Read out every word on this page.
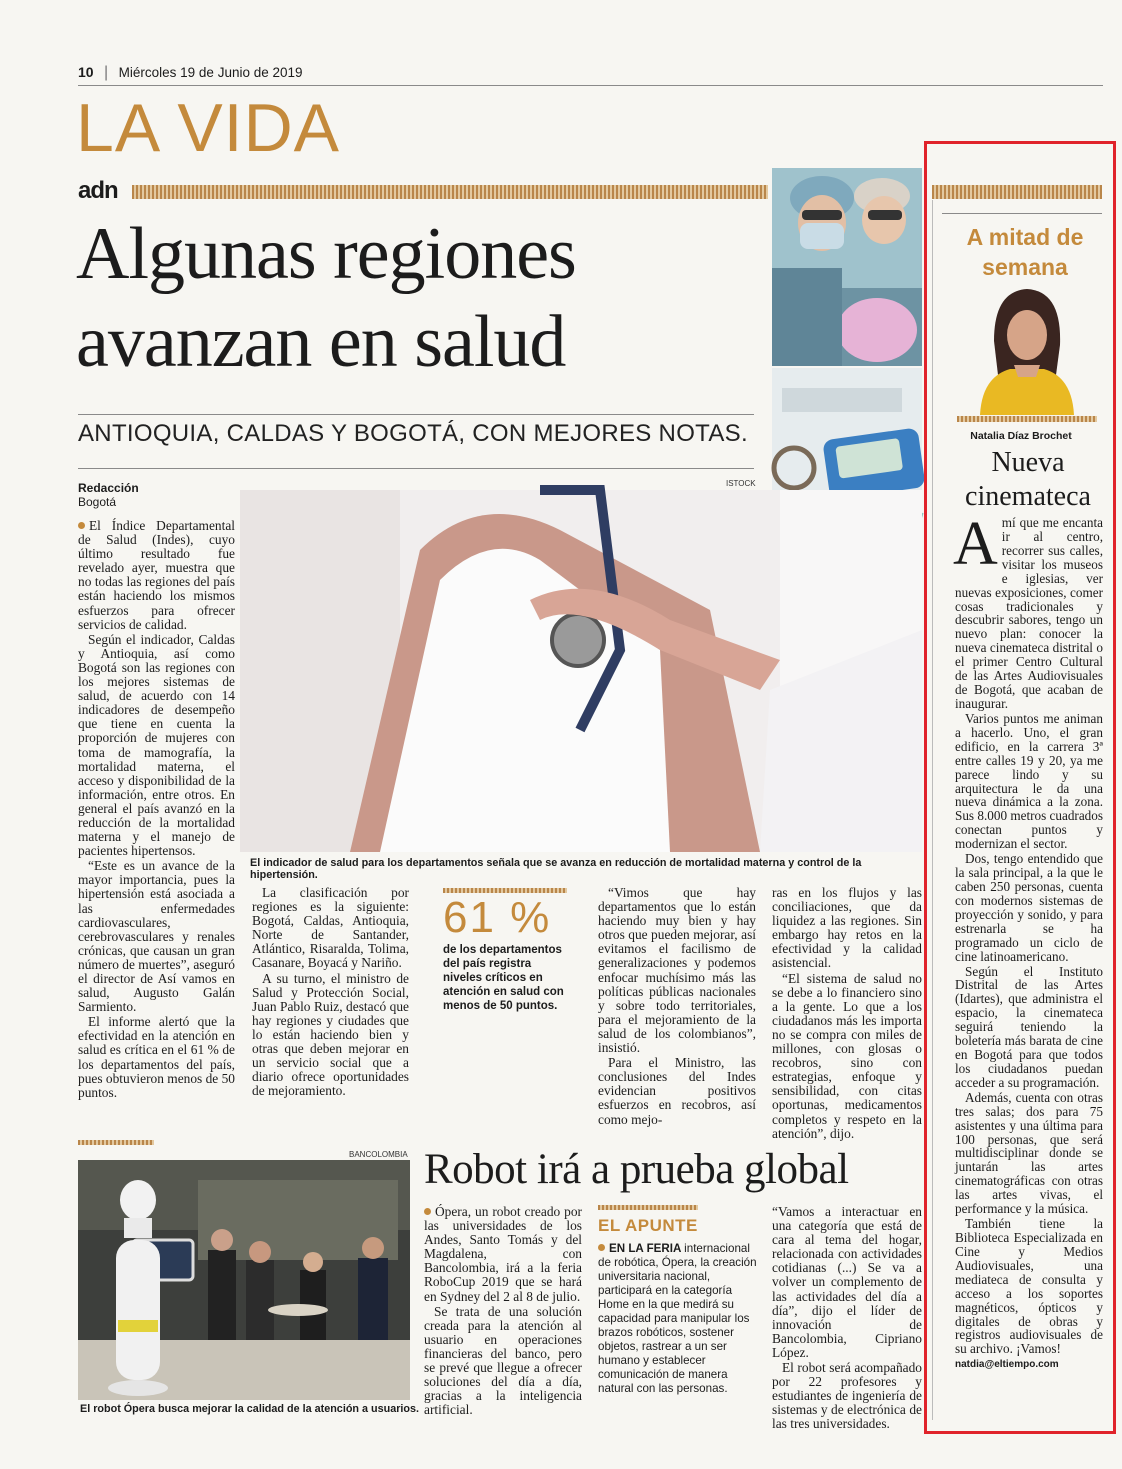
10 | Miércoles 19 de Junio de 2019
LA VIDA
adn
Algunas regiones
avanzan en salud
ANTIOQUIA, CALDAS Y BOGOTÁ, CON MEJORES NOTAS.
Redacción
Bogotá
ISTOCK
El indicador de salud para los departamentos señala que se avanza en reducción de mortalidad materna y control de la hipertensión.

El Índice Departamental de Salud (Indes), cuyo último resultado fue revelado ayer, muestra que no todas las regiones del país están haciendo los mismos esfuerzos para ofrecer servicios de calidad.

Según el indicador, Caldas y Antioquia, así como Bogotá son las regiones con los mejores sistemas de salud, de acuerdo con 14 indicadores de desempeño que tiene en cuenta la proporción de mujeres con toma de mamografía, la mortalidad materna, el acceso y disponibilidad de la información, entre otros. En general el país avanzó en la reducción de la mortalidad materna y el manejo de pacientes hipertensos.

“Este es un avance de la mayor importancia, pues la hipertensión está asociada a las enfermedades cardiovasculares, cerebrovasculares y renales crónicas, que causan un gran número de muertes”, aseguró el director de Así vamos en salud, Augusto Galán Sarmiento.

El informe alertó que la efectividad en la atención en salud es crítica en el 61 % de los departamentos del país, pues obtuvieron menos de 50 puntos.

La clasificación por regiones es la siguiente: Bogotá, Caldas, Antioquia, Norte de Santander, Atlántico, Risaralda, Tolima, Casanare, Boyacá y Nariño.

A su turno, el ministro de Salud y Protección Social, Juan Pablo Ruiz, destacó que hay regiones y ciudades que lo están haciendo bien y otras que deben mejorar en un servicio social que a diario ofrece oportunidades de mejoramiento.

61 %
de los departamentos del país registra niveles críticos en atención en salud con menos de 50 puntos.

“Vimos que hay departamentos que lo están haciendo muy bien y hay otros que pueden mejorar, así evitamos el facilismo de generalizaciones y podemos enfocar muchísimo más las políticas públicas nacionales y sobre todo territoriales, para el mejoramiento de la salud de los colombianos”, insistió.

Para el Ministro, las conclusiones del Indes evidencian positivos esfuerzos en recobros, así como mejo-

ras en los flujos y las conciliaciones, que da liquidez a las regiones. Sin embargo hay retos en la efectividad y la calidad asistencial.

“El sistema de salud no se debe a lo financiero sino a la gente. Lo que a los ciudadanos más les importa no se compra con miles de millones, con glosas o recobros, sino con estrategias, enfoque y sensibilidad, con citas oportunas, medicamentos completos y respeto en la atención”, dijo.

BANCOLOMBIA
El robot Ópera busca mejorar la calidad de la atención a usuarios.
Robot irá a prueba global

Ópera, un robot creado por las universidades de los Andes, Santo Tomás y del Magdalena, con Bancolombia, irá a la feria RoboCup 2019 que se hará en Sydney del 2 al 8 de julio.

Se trata de una solución creada para la atención al usuario en operaciones financieras del banco, pero se prevé que llegue a ofrecer soluciones del día a día, gracias a la inteligencia artificial.

EL APUNTE
EN LA FERIA internacional de robótica, Ópera, la creación universitaria nacional, participará en la categoría Home en la que medirá su capacidad para manipular los brazos robóticos, sostener objetos, rastrear a un ser humano y establecer comunicación de manera natural con las personas.

“Vamos a interactuar en una categoría que está de cara al tema del hogar, relacionada con actividades cotidianas (...) Se va a volver un complemento de las actividades del día a día”, dijo el líder de innovación de Bancolombia, Cipriano López.

El robot será acompañado por 22 profesores y estudiantes de ingeniería de sistemas y de electrónica de las tres universidades.

A mitad de semana
Natalia Díaz Brochet
Nueva cinemateca

Amí que me encanta ir al centro, recorrer sus calles, visitar los museos e iglesias, ver nuevas exposiciones, comer cosas tradicionales y descubrir sabores, tengo un nuevo plan: conocer la nueva cinemateca distrital o el primer Centro Cultural de las Artes Audiovisuales de Bogotá, que acaban de inaugurar.

Varios puntos me animan a hacerlo. Uno, el gran edificio, en la carrera 3ª entre calles 19 y 20, ya me parece lindo y su arquitectura le da una nueva dinámica a la zona. Sus 8.000 metros cuadrados conectan puntos y modernizan el sector.

Dos, tengo entendido que la sala principal, a la que le caben 250 personas, cuenta con modernos sistemas de proyección y sonido, y para estrenarla se ha programado un ciclo de cine latinoamericano.

Según el Instituto Distrital de las Artes (Idartes), que administra el espacio, la cinemateca seguirá teniendo la boletería más barata de cine en Bogotá para que todos los ciudadanos puedan acceder a su programación.

Además, cuenta con otras tres salas; dos para 75 asistentes y una última para 100 personas, que será multidisciplinar donde se juntarán las artes cinematográficas con otras las artes vivas, el performance y la música.

También tiene la Biblioteca Especializada en Cine y Medios Audiovisuales, una mediateca de consulta y acceso a los soportes magnéticos, ópticos y digitales de obras y registros audiovisuales de su archivo. ¡Vamos!

natdia@eltiempo.com
